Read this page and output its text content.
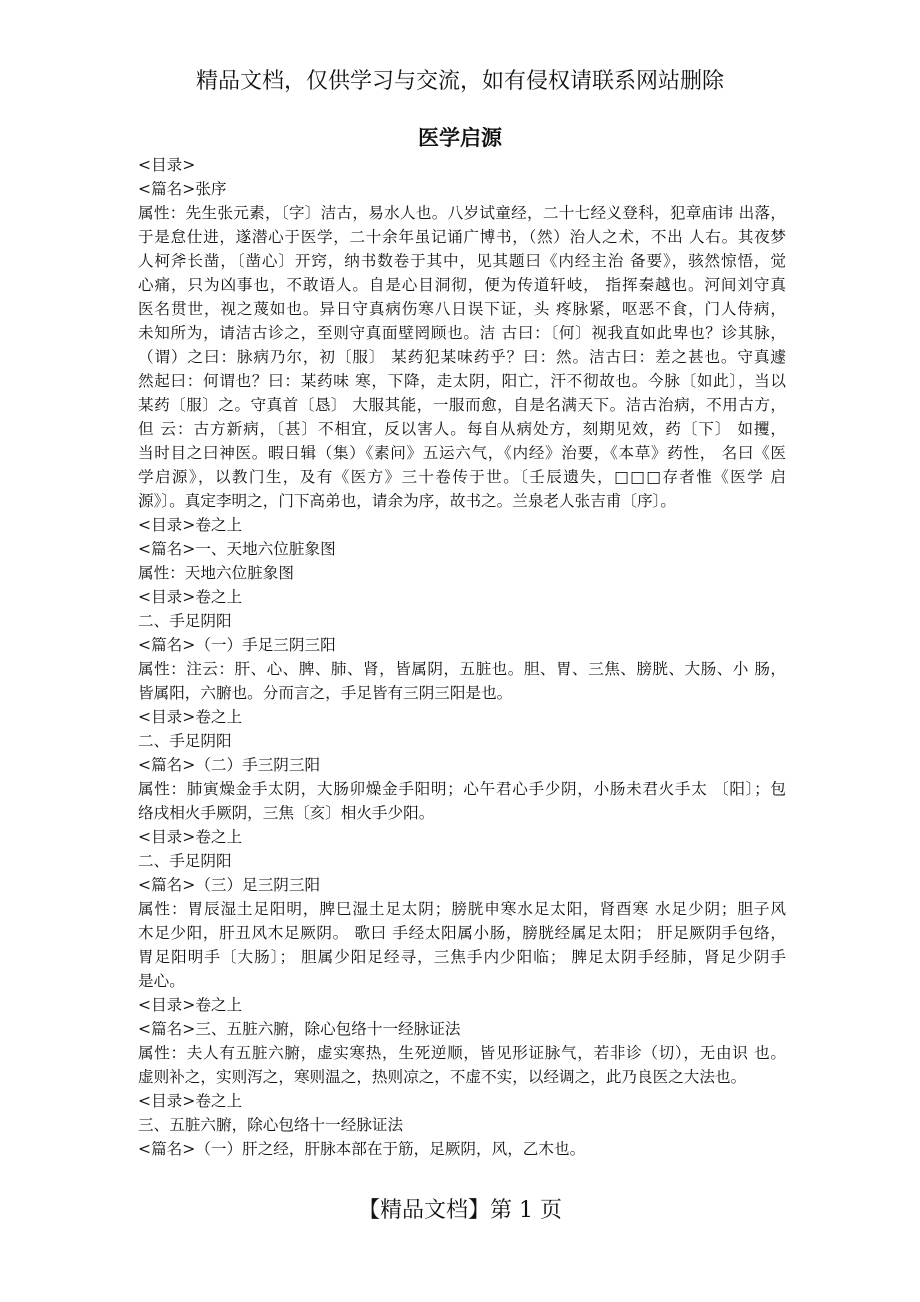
精品文档，仅供学习与交流，如有侵权请联系网站删除
医学启源
<目录>
<篇名>张序
属性：先生张元素，〔字〕洁古，易水人也。八岁试童经，二十七经义登科，犯章庙讳 出落，
于是怠仕进，遂潜心于医学，二十余年虽记诵广博书，（然）治人之术，不出 人右。其夜梦
人柯斧长凿，〔凿心〕开窍，纳书数卷于其中，见其题曰《内经主治 备要》，骇然惊悟，觉
心痛，只为凶事也，不敢语人。自是心目洞彻，便为传道轩岐， 指挥秦越也。河间刘守真
医名贯世，视之蔑如也。异日守真病伤寒八日误下证，头 疼脉紧，呕恶不食，门人侍病，
未知所为，请洁古诊之，至则守真面壁罔顾也。洁 古曰：〔何〕视我直如此卑也？诊其脉，
（谓）之曰：脉病乃尔，初〔服〕 某药犯某味药乎？曰：然。洁古曰：差之甚也。守真遽
然起曰：何谓也？曰：某药味 寒，下降，走太阴，阳亡，汗不彻故也。今脉〔如此〕，当以
某药〔服〕之。守真首〔恳〕 大服其能，一服而愈，自是名满天下。洁古治病，不用古方，
但 云：古方新病，〔甚〕不相宜，反以害人。每自从病处方，刻期见效，药〔下〕 如攫，
当时目之曰神医。暇日辑（集）《素问》五运六气，《内经》治要，《本草》药性， 名曰《医
学启源》，以教门生，及有《医方》三十卷传于世。〔壬辰遗失，□□□存者惟《医学 启
源》〕。真定李明之，门下高弟也，请余为序，故书之。兰泉老人张吉甫〔序〕。
<目录>卷之上
<篇名>一、天地六位脏象图
属性：天地六位脏象图
<目录>卷之上
二、手足阴阳
<篇名>（一）手足三阴三阳
属性：注云：肝、心、脾、肺、肾，皆属阴，五脏也。胆、胃、三焦、膀胱、大肠、小 肠，
皆属阳，六腑也。分而言之，手足皆有三阴三阳是也。
<目录>卷之上
二、手足阴阳
<篇名>（二）手三阴三阳
属性：肺寅燥金手太阴，大肠卯燥金手阳明；心午君心手少阴，小肠未君火手太 〔阳〕；包
络戌相火手厥阴，三焦〔亥〕相火手少阳。
<目录>卷之上
二、手足阴阳
<篇名>（三）足三阴三阳
属性：胃辰湿土足阳明，脾巳湿土足太阴；膀胱申寒水足太阳，肾酉寒 水足少阴；胆子风
木足少阳，肝丑风木足厥阴。 歌曰 手经太阳属小肠，膀胱经属足太阳； 肝足厥阴手包络，
胃足阳明手〔大肠〕； 胆属少阳足经寻，三焦手内少阳临； 脾足太阴手经肺，肾足少阴手
是心。
<目录>卷之上
<篇名>三、五脏六腑，除心包络十一经脉证法
属性：夫人有五脏六腑，虚实寒热，生死逆顺，皆见形证脉气，若非诊（切），无由识 也。
虚则补之，实则泻之，寒则温之，热则凉之，不虚不实，以经调之，此乃良医之大法也。
<目录>卷之上
三、五脏六腑，除心包络十一经脉证法
<篇名>（一）肝之经，肝脉本部在于筋，足厥阴，风，乙木也。
【精品文档】第 1 页
